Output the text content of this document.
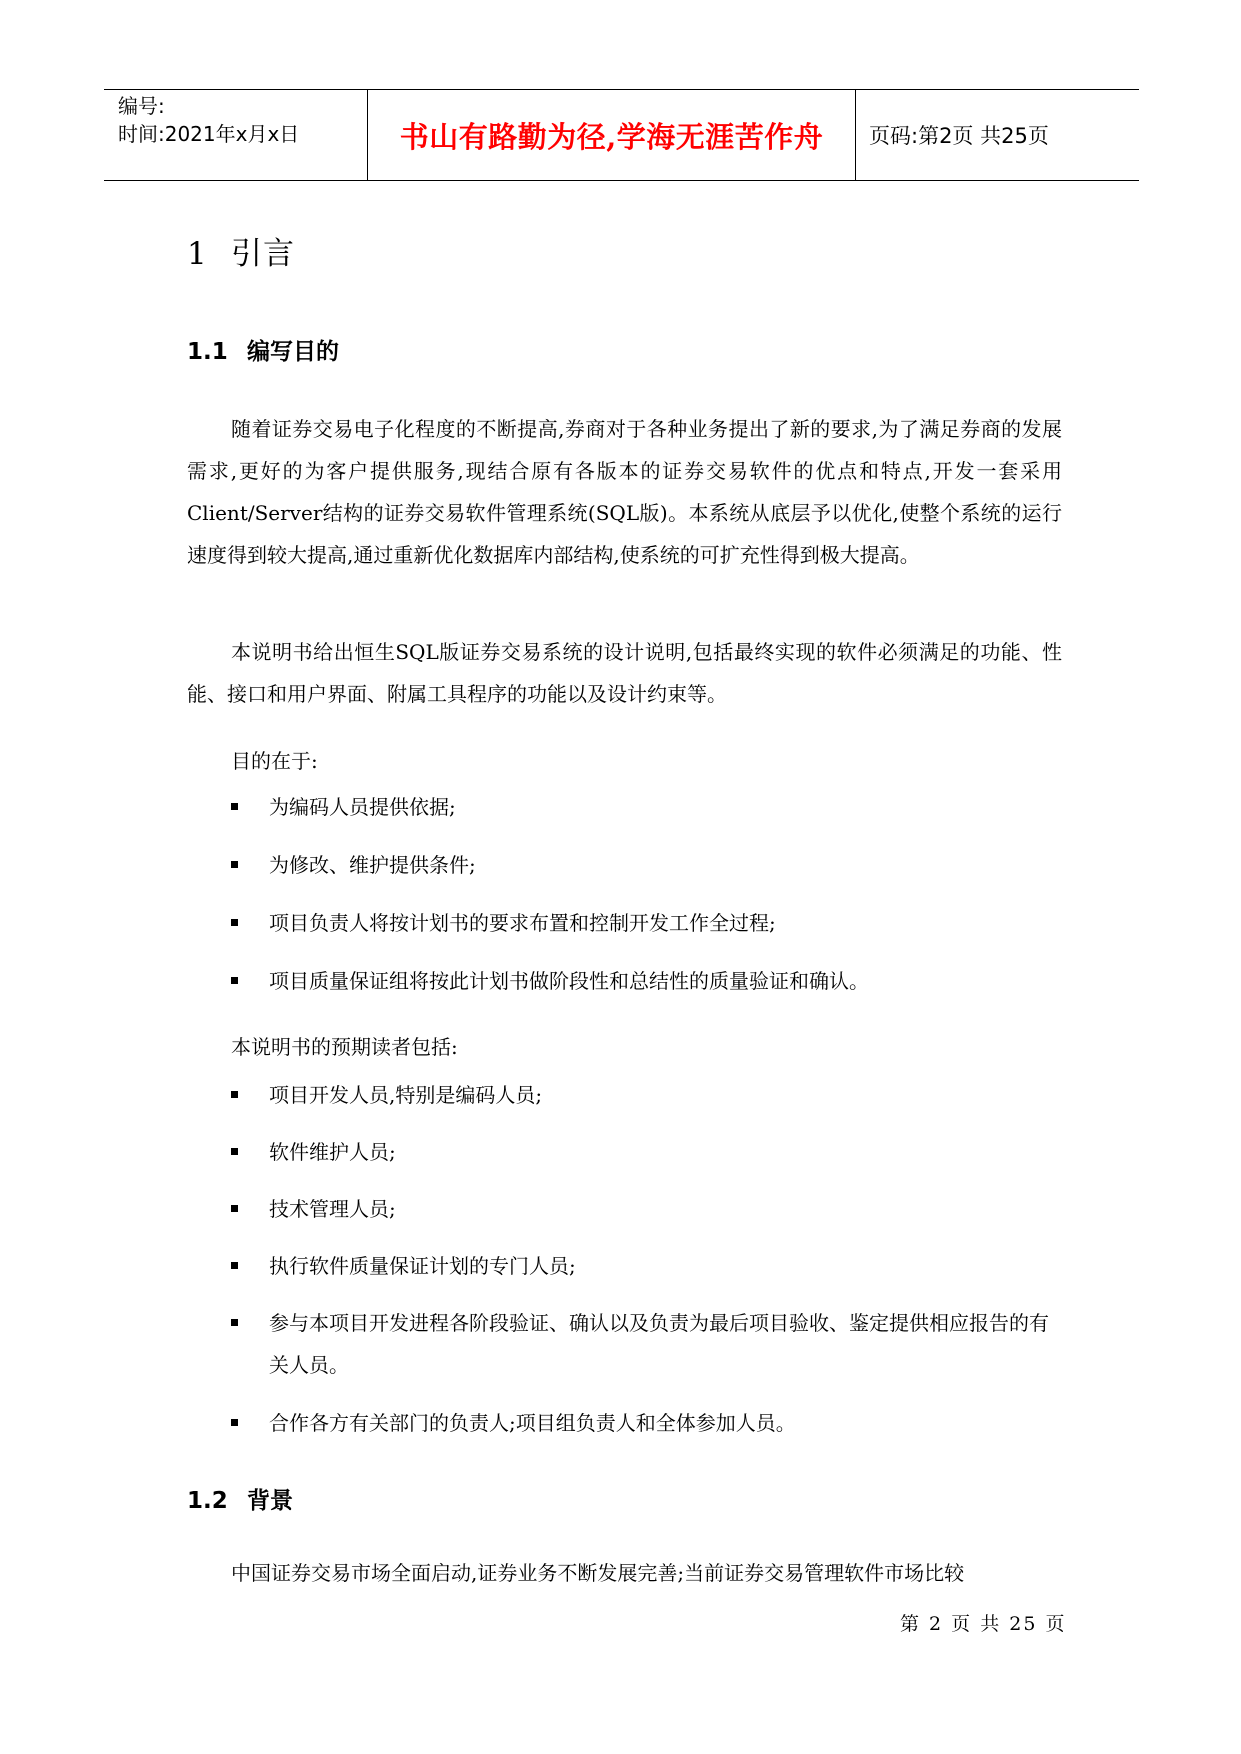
编号:
时间:2021年x月x日	书山有路勤为径,学海无涯苦作舟	页码:第2页 共25页
1 引言
1.1 编写目的
随着证券交易电子化程度的不断提高,券商对于各种业务提出了新的要求,为了满足券商的发展需求,更好的为客户提供服务,现结合原有各版本的证券交易软件的优点和特点,开发一套采用Client/Server结构的证券交易软件管理系统(SQL版)。本系统从底层予以优化,使整个系统的运行速度得到较大提高,通过重新优化数据库内部结构,使系统的可扩充性得到极大提高。
本说明书给出恒生SQL版证券交易系统的设计说明,包括最终实现的软件必须满足的功能、性能、接口和用户界面、附属工具程序的功能以及设计约束等。
目的在于:
为编码人员提供依据;
为修改、维护提供条件;
项目负责人将按计划书的要求布置和控制开发工作全过程;
项目质量保证组将按此计划书做阶段性和总结性的质量验证和确认。
本说明书的预期读者包括:
项目开发人员,特别是编码人员;
软件维护人员;
技术管理人员;
执行软件质量保证计划的专门人员;
参与本项目开发进程各阶段验证、确认以及负责为最后项目验收、鉴定提供相应报告的有关人员。
合作各方有关部门的负责人;项目组负责人和全体参加人员。
1.2 背景
中国证券交易市场全面启动,证券业务不断发展完善;当前证券交易管理软件市场比较
第 2 页 共 25 页
